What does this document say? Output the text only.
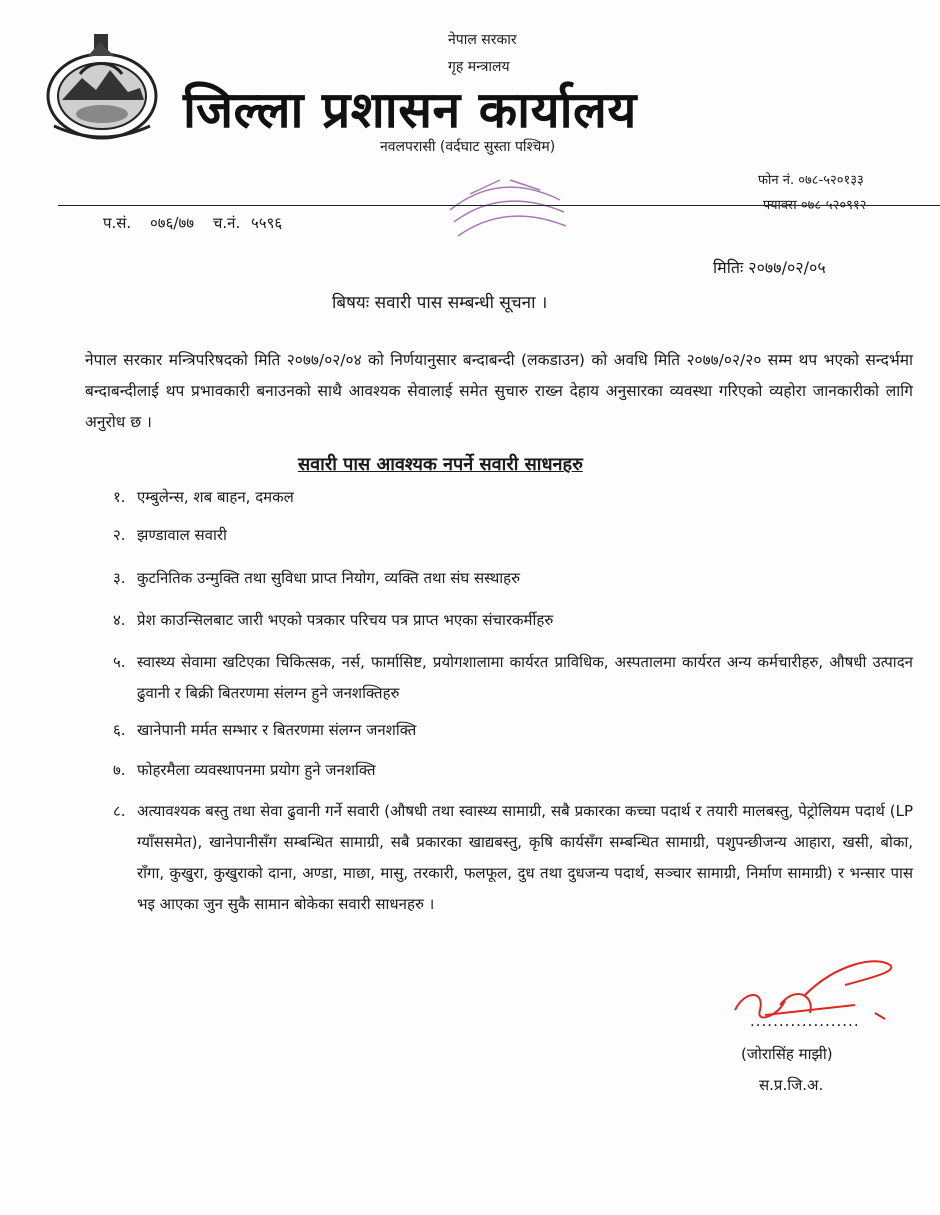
नेपाल सरकार
गृह मन्त्रालय
जिल्ला प्रशासन कार्यालय
नवलपरासी (वर्दघाट सुस्ता पश्चिम)
फोन नं. ०७८-५२०१३३
फ्याक्स ०७८-५२०९१२
प.सं. ०७६/७७ च.नं. ५५९६
मितिः २०७७/०२/०५
बिषयः सवारी पास सम्बन्धी सूचना ।
नेपाल सरकार मन्त्रिपरिषदको मिति २०७७/०२/०४ को निर्णयानुसार बन्दाबन्दी (लकडाउन) को अवधि मिति २०७७/०२/२० सम्म थप भएको सन्दर्भमा बन्दाबन्दीलाई थप प्रभावकारी बनाउनको साथै आवश्यक सेवालाई समेत सुचारु राख्न देहाय अनुसारका व्यवस्था गरिएको व्यहोरा जानकारीको लागि अनुरोध छ ।
सवारी पास आवश्यक नपर्ने सवारी साधनहरु
१. एम्बुलेन्स, शब बाहन, दमकल
२. झण्डावाल सवारी
३. कुटनितिक उन्मुक्ति तथा सुविधा प्राप्त नियोग, व्यक्ति तथा संघ सस्थाहरु
४. प्रेश काउन्सिलबाट जारी भएको पत्रकार परिचय पत्र प्राप्त भएका संचारकर्मीहरु
५. स्वास्थ्य सेवामा खटिएका चिकित्सक, नर्स, फार्मासिष्ट, प्रयोगशालामा कार्यरत प्राविधिक, अस्पतालमा कार्यरत अन्य कर्मचारीहरु, औषधी उत्पादन ढुवानी र बिक्री बितरणमा संलग्न हुने जनशक्तिहरु
६. खानेपानी मर्मत सम्भार र बितरणमा संलग्न जनशक्ति
७. फोहरमैला व्यवस्थापनमा प्रयोग हुने जनशक्ति
८. अत्यावश्यक बस्तु तथा सेवा ढुवानी गर्ने सवारी (औषधी तथा स्वास्थ्य सामाग्री, सबै प्रकारका कच्चा पदार्थ र तयारी मालबस्तु, पेट्रोलियम पदार्थ (LP ग्याँससमेत), खानेपानीसँग सम्बन्धित सामाग्री, सबै प्रकारका खाद्यबस्तु, कृषि कार्यसँग सम्बन्धित सामाग्री, पशुपन्छीजन्य आहारा, खसी, बोका, राँगा, कुखुरा, कुखुराको दाना, अण्डा, माछा, मासु, तरकारी, फलफूल, दुध तथा दुधजन्य पदार्थ, सञ्चार सामाग्री, निर्माण सामाग्री) र भन्सार पास भइ आएका जुन सुकै सामान बोकेका सवारी साधनहरु ।
...................
(जोरासिंह माझी)
स.प्र.जि.अ.
